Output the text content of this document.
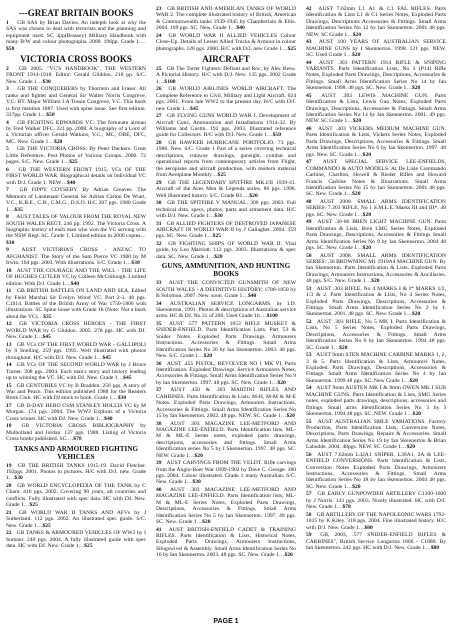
---GREAT BRITAIN BOOKS
1 GB SAS by Brian Davies. An indepth look at why the SAS was chosen to deal with terrorists and the planning and equipment used. SC 3pp(Brassey) Military Handbook with many B/W and colour photographs. 2000. 196pp. Grade 1.…$50
VICTORIA CROSS BOOKS
2 GB 2005. "VC'S HANDBOOK", THE WESTERN FRONT 1914-1918. Editor: Gerald Gliddon. 218 pp. S/C. New. Grade 1…$30
3 GB THE CONQUERERS by Thornton and Fraser. All ranks and fighter and General Sir Walter Norris Congreve, V.C. BT. Major William LA Tossin Congreve, V.C. This book is first mention 1887. Used with spine issue. See first edition. 337pp. Grade 1…$50
4 GB FIGHTING EDWARDS V.C. The fortunate airman by Fred Walker DFC. 221 pp. 2008. A biography of a Lord of a Victorian officer Gerald Watkins, V.C., MC, OBE, DFC, MC. New. Grade 1…$20
5 GB THE VICTORIA CROSS. By Peter Duckers. Great Little Reference, Post Photos of Various Groups. 2000. 72 pages. S/C. New. Grade 1…$25
6 GB THE WESTERN FRONT 1915, VCs OF THE FIRST WORLD WAR. Biographical details on individual VC with D/J. Grade 1. NEW…$40
7 GB FIPPY COYSEBY. By Adrian Greaves. The Memoirs of Lieutenant General Sir Adrian Carton De Wiart, V.C., K.B.E., C.B., C.M.G., D.S.O. H/C 207 pgs. 1980 Grade 1…$35
8 AUST TALES OF VALOUR FROM THE ROYAL NEW SOUTH WALES REGT. 246 pp. 1992. The Victoria Cross. A biographic history of each man who won the VC serving with the NSW Regt. SC. Grade 1. Limited edition to 2000 copies…$30
9 AUST VICTORIA'S CROSS - ANZAC TO AFGHANIST. The Story of the Sam Pierce VC 1900 by M Irwin. 164 pgs. 2003. With illustrations. S/C. Grade 1…$30
10 AUST THE COURAGE AND THE WILL - THE LIFE OF HUGHES CUTLER VC by Colleen McCullough. Limited edition. With D/J. Grade 1…$40
11 GB BRITISH BATTLES ON LAND AND SEA. Edited by Field Marshal Sir Evelyn Wood VC. Part 2-3. 48 pgs. C1914. Battles of the British Army of War 1750-1806 with illustrations. SC Spine loose with Grade 1b (Note: Not a book about the VC)…$35
12 GB VICTORIA CROSS HEROES - THE FIRST WORLD WAR by G Gliddon. 2005. 278 pgs. HC with DJ. New. Grade 1…$45
13 GB VCs OF THE FIRST WORLD WAR - GALLIPOLI by S Snelling. 259 pgs. 1995. Well illustrated with photos throughout. H/C with D/J. New. Grade 1…$45
14 GB VCs OF THE SECOND WORLD WAR by J Bruce Turner. 308 pgs. 2004. Each man's story and history leading up to winning the VC. HC with DJ. New. Grade 1…$45
15 GB CENTURIES VC by B Bradden. 256 pgs. A story of War and Peace. This edition published 1988 for the Readers Book Club. HC with DJ stuck to book. Grade 1…$30
17 GB D-DAY HERO CSM STANLEY HOLLIS VC by M Morgan. 174 pgs. 2004. The WW2 Exploits of a Victoria Cross winner. HC with DJ. New. Grade 1…$40
18 GB VICTORIA CROSS BIBLIOGRAPHY by Mulholland and Jordan. 137 pgs. 1988. Listing of Victoria Cross books published. SC.…$78
TANKS AND ARMOURED FIGHTING VEHICLES
19 GB THE BRITISH TANKS 1915-19. David Fletcher. 192pgs. 2001. Photos in pictures. H/C with D/J. new. Grade 1…$30
20 GB WORLD ENCYCLOPEDIA OF THE TANK by C Chant. 416 pgs. 2002. Covering 90 years, all countries and conflicts. Fully illustrated with spec data. HC with DJ. New. Grade 1…$25
21 GB WORLD WAR II TANKS AND AFVs by J Sutherland. 112 pgs. 2002. An illustrated spec guide. S/C. New. Grade 1…$25
22 GB TANKS & ARMOURED VEHICLES OF WW2 by I Sumner. 240 pgs. 2004. A fully illustrated guide with spec data. HC with DJ. New. Grade 1…$25
23 GB BRITISH AND AMERICAN TANKS OF WORLD WAR 2. The complete illustrated history of British, American & Commonwealth tanks 1939-1945 by Chamberlain & Ellis. 2004. 169 pgs. SC. New. Grade 1…$40
24 GB WORLD WAR II ALLIED VEHICLES Colour Close-Up. Details of Lesser Allied Trucks & Armour in colour photographs. 128 pgs. 2000. H/C with D/J. new Grade 1…$25
AIRCRAFT
25 GB The Tarrer Fighters: Defiant and Roc, by Alec Brew. A Pictorial History. H/C with D/J. New. 135 pgs. 2002 Grade 1…$100
26 GB WORLD AIRLINES WORLD AIRCRAFT. The Complete Reference to Civil, Military and Light Aircraft. 624 pgs. 2001. From late WW2 to the present day. H/C with D/J. new Grade 1…$45
27 GB FLYING GUNS WORLD WAR I. Development of Aircraft Guns, Ammunition and Installations 1914-32. By Williams and Gustin. 192 pgs. 2003. Illustrated reference guide for Collectors. H/C with D/J. New. Grade 1…$50
28 GB HAWKER HURRICANE PORTFOLIO. 73 pgs. 1986. New. S/C. Grade 1 Part of a series covering technical descriptions, cutaway drawings, gunsight, combat and operational reports from contemporary articles from Flight, the aeroplane and aircraft production, with modern material from Aeroplane Monthly…$25
29 GB THE LEGENDARY SPITFIRE MK.I/II 1939-41. Aircraft of the Aces Men & Legends series. 86 pgs. 1996. Well illustrated history. S/C. Grade B1.…$20
30 GB THE SPITFIRE V MANUAL. 300 pgs. 2003. Full technical data, specs, photos, parts and armament data. H/C with D/J. New. Grade 1…$30
31 GB ALLIED FIGHTERS OF DESTROYED JAPANESE AIRCRAFT IN WORLD WAR II by J Gallagher. 2004. 159 pgs. SC. New. Grade 1…$25
32 GB FIGHTING SHIPS OF WORLD WAR II. Vital guide, by Leo Marriott. 112 pgs. 2003. Illustrations & spec data. SC. New. Grade 1…$20
GUNS, AMMUNITION, AND HUNTING BOOKS
33 AUST THE CONVICTED GUNSMITH OF NEW SOUTH WALES - A DEFINITIVE HISTORY: 1788-1850 by B Solomon. 2007. New. soon. Grade 1…$40
34 AUSTRALIAN SERVICE LONGARMS. by I.D. Skennerton. 1991. Photos & descriptions of Australian service arms. HC & DJ. No 31 of 200. Used Grade 1b.…$100
35 AUST .577 PATTERN 1853 RIFLE MUSKET & SNIDER-ENFIELD. Parts Identification Lists. Part '53 & Snider Notes. Exploded Parts Drawings. Armourers Instructions. Accessories & Fittings. Small Arms Identification Series No 26 by Ian Skennerton. 2003. 48 pgs. New. S/C. Grade 1…$20
36 AUST .455 PISTOL, REVOLVER NO 1 MK VI. Parts Identification. Exploded Drawings. Service Armourers Notes, Accessories & Fittings. Small Arms Identification Series No 9 by Ian Skennerton. 1997. 48 pgs. SC. New. Grade 1…$20
37 AUST .450 & .303 MARTINI RIFLES AND CARBINES. Parts Identification & Lists. M-H, M-M & M-E Notes. Exploded Parts Drawings, Armourers Instructions, Accessories & Fittings. Small Arms Identification Series No 15 by Ian Skennerton. 2002. 48 pgs. NEW. SC. Grade 1…$20
38 AUST .303 MAGAZINE LEE-METFORD AND MAGAZINE LEE-ENFIELD. Parts Identification lists. ML-M & ML-E Series notes, exploded parts drawings, descriptions, accessories and fittings. Small Arms Identification series No 5 by I Skennerton. 1997. 48 pgs. SC. NEW. Grade 1…$20
39 AUST CARVINGS FROM THE VELDT. Rifle carvings from the Anglo-Boer War 1899-1902 by Dave C. George. 180 pgs. 2004. Colour illustrated. Grade 1 many Australian. S/C. New. Grade 1…$30
40 AUST .303 MAGAZINE LEE-METFORD AND MAGAZINE LEE-ENFIELD. Parts Identification lists, ML-M & ML-E Series Notes, Exploded Parts Drawings, Descriptions, Accessories & Fittings, Small Arms Identification Series No 5 by Ian Skennerton. 1997. 48 pgs. SC. New. Grade 1…$20
41 AUST BRITISH-ENFIELD CADET & TRAINING RIFLES. Parts Identification & Lists, Historical Notes, Exploded Parts Drawings, Armourers Instructions, Slingswivel & Assembly. Small Arms Identification Series No 16 by Ian Skennerton. 2003. 48 pgs. SC. New. Grade 1…$20
42 AUST 7.62mm L1 A1 & C1 FAL RIFLES. Parts Identification & Lists L1 & C1 Series Notes, Exploded Parts Drawings, Descriptions Accessories & Fittings. Small Arms Identification Series No 12 by Ian Skennerton. 2001 48 pgs. NEW. SC Grade 1…$20
43 AUST 100 YEARS OF AUSTRALIAN SERVICE MACHINE GUNS by I Skennerton. 1998. 121 pgs. NEW. SC. Used Grade 1…$20
44 AUST .303 PATTERN 1914 RIFLE & SNIPING VARIANTS. Parts Identification Lists, No 3 (P14) Rifle Notes, Exploded Parts Drawings, Descriptions, Accessories & Fittings. Small Arms Identification Series No 14 by Ian Skennerton. 1998. 48 pgs. SC. New. Grade 1…$20
45 AUST .303 LEWIS MACHINE GUN. Parts Identification & Lists, Lewis Gun Notes, Exploded Parts Drawings, Descriptions, Accessories & Fittings. Small Arms Identification Series No 14 by Ian Skennerton. 2001. 49 pgs. NEW. SC Grade 1…$20
46 AUST .303 VICKERS MEDIUM MACHINE GUN. Parts Identification & Lists, Vickers Series Notes, Exploded Parts Drawings, Descriptions, Accessories & Fittings. Small Arms Identification Series No 6 by Ian Skennerton. 1997. 48 pgs. New. SC. Grade 1…$20
47 AUST SPECIAL SERVICE LEE-ENFIELDS, COMMANDO & AUTO MODELS. At De Lisle Commando Carbine, Charlton, Howell & Rieder Rifles and Howard Francis Carbine Notes & Illustrations. Small Arms Identification Series No 15 by Ian Skennerton. 2001 48 pgs. SC. New. Grade 1…$20
48 AUST 2000. SMALL ARMS IDENTIFICATION SERIES: 7.303 RIFLE, No 1 S.M.L.E. Marks III and III*. 48 pgs. SC. New. Grade 1…$20
49 AUST .30-06 BREN LIGHT MACHINE GUN. Parts Identification & Lists, Bren LMG Series Notes, Exploded Parts Drawings, Descriptions, Accessories & Fittings Small Arms Identification Series No 9 by Ian Skennerton. 2004 48 pgs. SC. New. Grade 1…$20
50 AUST 2008. SMALL ARMS IDENTIFICATION SERIES: .30 BROWNING M1 1919A4 MACHINE GUN. By Ian Skennerton. Parts Identification & Lists. Exploded Parts Drawings, Armourers Instructions, Accessories & Ancillaries. 48 pgs. S/C. New. Grade 1…$20
51 AUST .303 RIFLE, No 4 MARKS I & I* MARKS 1/2, 1/3 & 2. Parts Identification & Lists, No 4 Series Notes, Exploded Parts Drawings, Descriptions, Accessories & Fittings. Small Arms Identification Series No 2 by I. Skennerton. 2001. 48 pgs. SC. New. Grade 1…$20
52 AUST .303 RIFLE, No 5 MK I. Parts Identification & Lists, No 5 Series Notes, Exploded Parts Drawings, Descriptions, Accessories & Fittings. Small Arms Identification Series No 6 by Ian Skennerton. 1994 48 pgs. SC. Grade 1…$20
53 AUST 9mm STEN MACHINE CARBINE MARKS 1, 2, 3 & 5. Parts Identification & Lists, Armourers Notes, Exploded Parts Drawings, Descriptions, Accessories & Fittings. Small Arms Identification Series No 4 by Ian Skennerton. 1999 48 pgs. SC. New Grade 1…$20
54 AUST 9mm AUSTEN MK I & 9mm OWEN MK I SUB MACHINE GUNS. Parts Identification & Lists, SMG Series notes, exploded parts drawings, descriptions, accessories and fittings. Small arms Identification Series No 3 by I Skennerton. 1994 48 pgs. SC. NEW. Grade 1…$20
55 AUST AUSTRALIAN SMLE VARIATIONS. Factory Production, Parts Identification Lists, Conversion Notes, Descriptions, Parts Drawings, Repairs & Accessories. Small Arms Identification Series No 19 by Ian Skennerton & Brian Labudde. 2004. 48pgs. NEW. SC. Grade 1…$20
56 AUST 7.62mm L42A1 SNIPER, L39A1, 2A & LEE-ENFIELD CONVERSIONS. Parts Identification & Lists, Conversion Notes Exploded Parts Drawings, Armourers Instructions, Accessories & Fittings. Small Arms Identification Series No 18 by Ian Skennerton. 2004 48 pgs. SC. New. Grade 1…$20
57 GB EARLY GUNPOWDER ARTILLERY C1300-1600 by J Norris. 143 pgs. 2003. Nicely illustrated. HC with D/J. New. Grade 1…$78
58 GB ARTILLERY OF THE NAPOLEONIC WARS 1792-1815 by K Kiley. 318 pgs. 2004. Fine illustrated history. H/C with D/J. New. Grade 1…$80
59 GB, 2003, .577 SNIDER-ENFIELD RIFLES & CARBINES", British Service Longarms 1866 - C1880. By Ian Skennerton. 242 pgs. HC with D/J. New. Grade 1…$80
PAGE 1
